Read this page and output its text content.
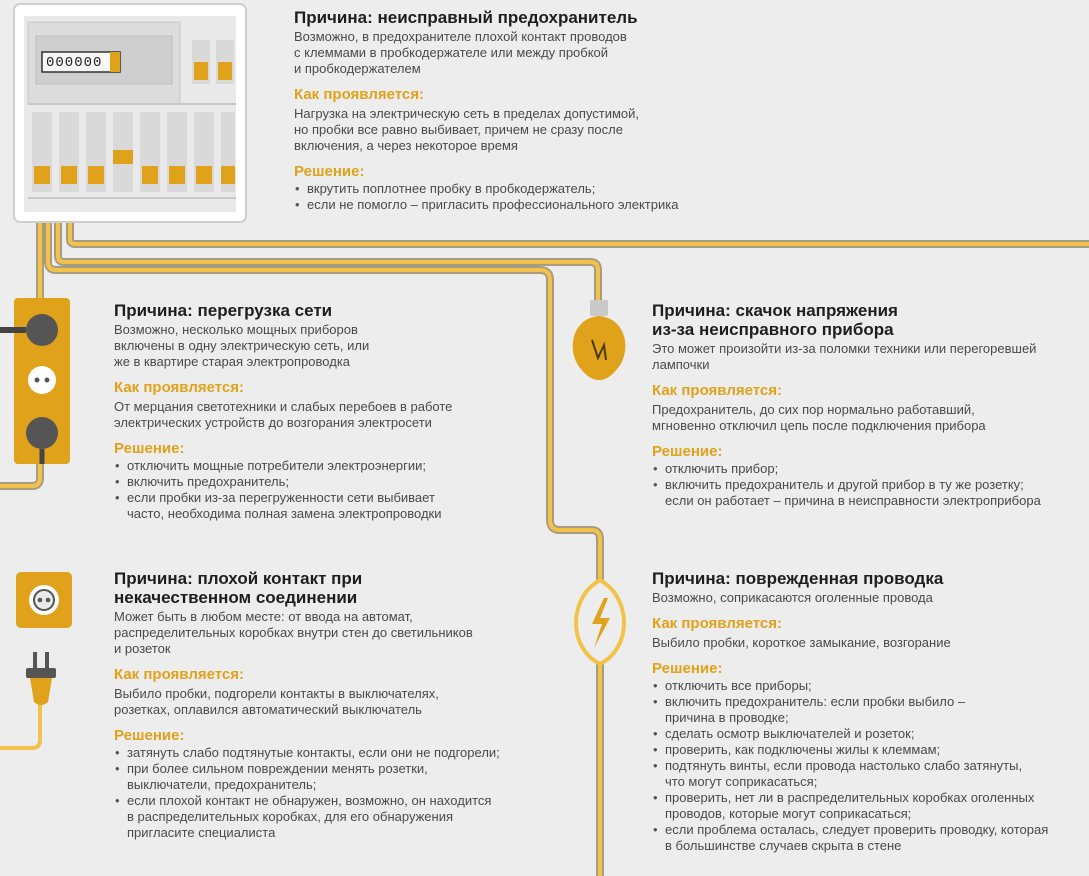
0000005
Причина: неисправный предохранитель
Возможно, в предохранителе плохой контакт проводов
с клеммами в пробкодержателе или между пробкой
и пробкодержателем
Как проявляется:
Нагрузка на электрическую сеть в пределах допустимой,
но пробки все равно выбивает, причем не сразу после
включения, а через некоторое время
Решение:
• вкрутить поплотнее пробку в пробкодержатель;
• если не помогло – пригласить профессионального электрика
Причина: перегрузка сети
Возможно, несколько мощных приборов
включены в одну электрическую сеть, или
же в квартире старая электропроводка
Как проявляется:
От мерцания светотехники и слабых перебоев в работе
электрических устройств до возгорания электросети
Решение:
• отключить мощные потребители электроэнергии;
• включить предохранитель;
• если пробки из-за перегруженности сети выбивает
часто, необходима полная замена электропроводки
Причина: скачок напряжения
из-за неисправного прибора
Это может произойти из-за поломки техники или перегоревшей
лампочки
Как проявляется:
Предохранитель, до сих пор нормально работавший,
мгновенно отключил цепь после подключения прибора
Решение:
• отключить прибор;
• включить предохранитель и другой прибор в ту же розетку;
если он работает – причина в неисправности электроприбора
Причина: плохой контакт при
некачественном соединении
Может быть в любом месте: от ввода на автомат,
распределительных коробках внутри стен до светильников
и розеток
Как проявляется:
Выбило пробки, подгорели контакты в выключателях,
розетках, оплавился автоматический выключатель
Решение:
• затянуть слабо подтянутые контакты, если они не подгорели;
• при более сильном повреждении менять розетки,
выключатели, предохранитель;
• если плохой контакт не обнаружен, возможно, он находится
в распределительных коробках, для его обнаружения
пригласите специалиста
Причина: поврежденная проводка
Возможно, соприкасаются оголенные провода
Как проявляется:
Выбило пробки, короткое замыкание, возгорание
Решение:
• отключить все приборы;
• включить предохранитель: если пробки выбило –
причина в проводке;
• сделать осмотр выключателей и розеток;
• проверить, как подключены жилы к клеммам;
• подтянуть винты, если провода настолько слабо затянуты,
что могут соприкасаться;
• проверить, нет ли в распределительных коробках оголенных
проводов, которые могут соприкасаться;
• если проблема осталась, следует проверить проводку, которая
в большинстве случаев скрыта в стене
